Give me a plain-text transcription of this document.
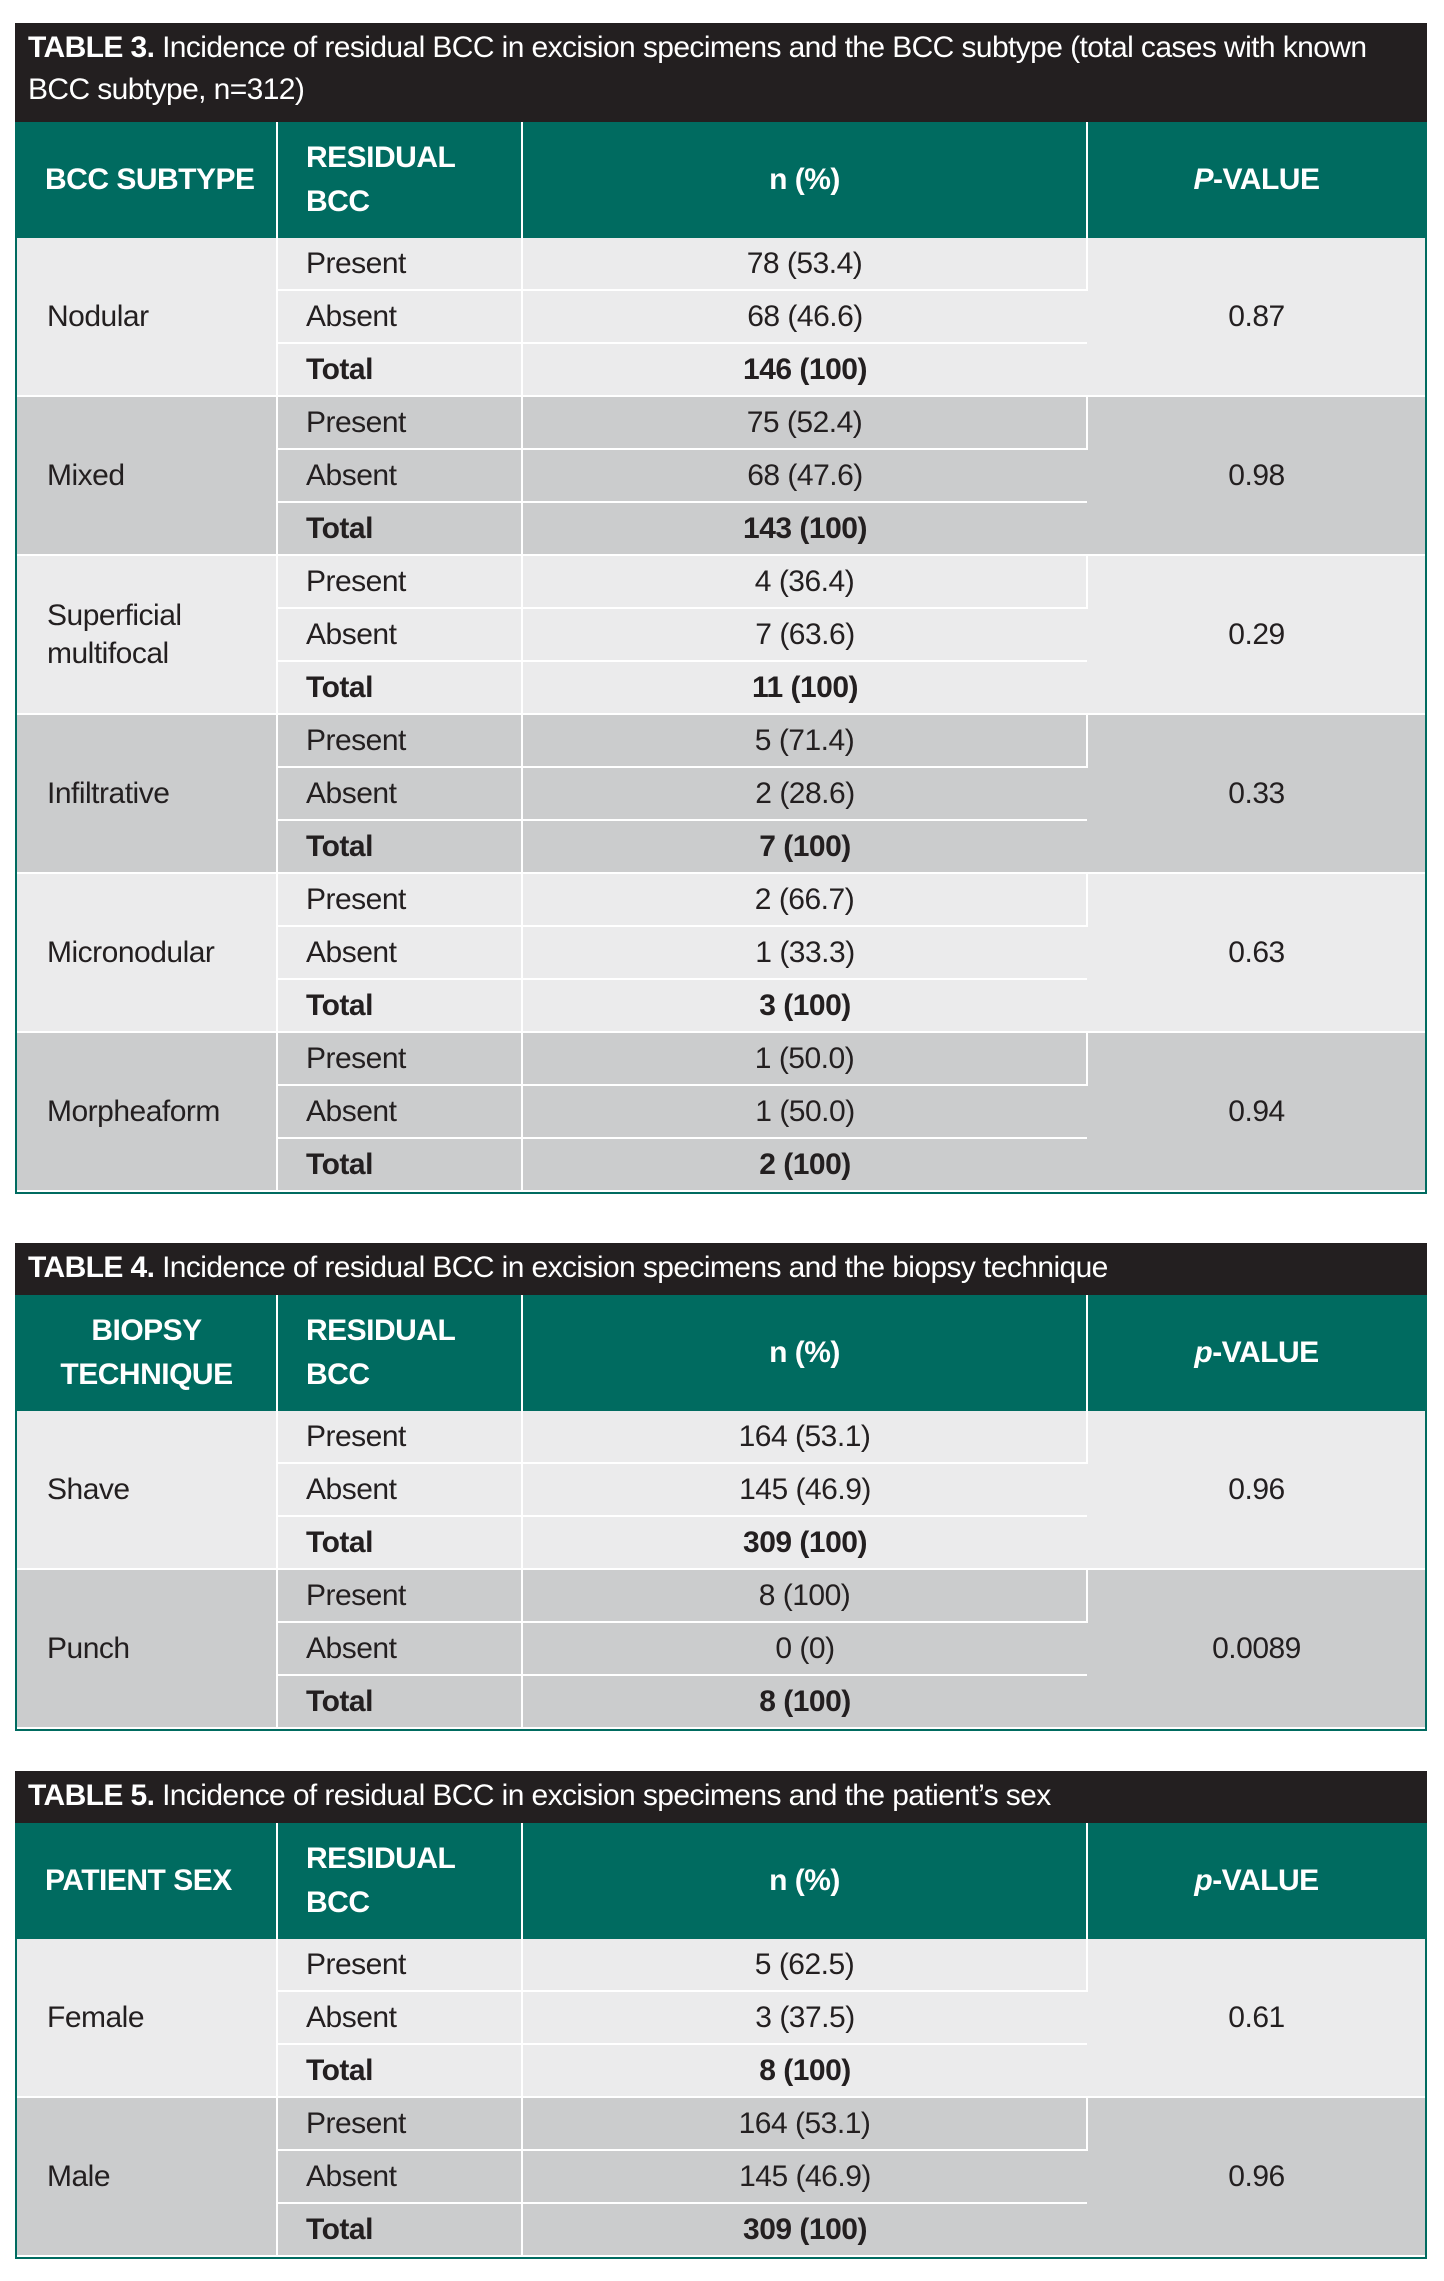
TABLE 3. Incidence of residual BCC in excision specimens and the BCC subtype (total cases with known BCC subtype, n=312)
BCC SUBTYPE	RESIDUAL BCC	n (%)	P-VALUE
Nodular	Present	78 (53.4)	0.87
	Absent	68 (46.6)	
	Total	146 (100)	
Mixed	Present	75 (52.4)	0.98
	Absent	68 (47.6)	
	Total	143 (100)	
Superficial multifocal	Present	4 (36.4)	0.29
	Absent	7 (63.6)	
	Total	11 (100)	
Infiltrative	Present	5 (71.4)	0.33
	Absent	2 (28.6)	
	Total	7 (100)	
Micronodular	Present	2 (66.7)	0.63
	Absent	1 (33.3)	
	Total	3 (100)	
Morpheaform	Present	1 (50.0)	0.94
	Absent	1 (50.0)	
	Total	2 (100)	
TABLE 4. Incidence of residual BCC in excision specimens and the biopsy technique
BIOPSY TECHNIQUE	RESIDUAL BCC	n (%)	p-VALUE
Shave	Present	164 (53.1)	0.96
	Absent	145 (46.9)	
	Total	309 (100)	
Punch	Present	8 (100)	0.0089
	Absent	0 (0)	
	Total	8 (100)	
TABLE 5. Incidence of residual BCC in excision specimens and the patient’s sex
PATIENT SEX	RESIDUAL BCC	n (%)	p-VALUE
Female	Present	5 (62.5)	0.61
	Absent	3 (37.5)	
	Total	8 (100)	
Male	Present	164 (53.1)	0.96
	Absent	145 (46.9)	
	Total	309 (100)	
